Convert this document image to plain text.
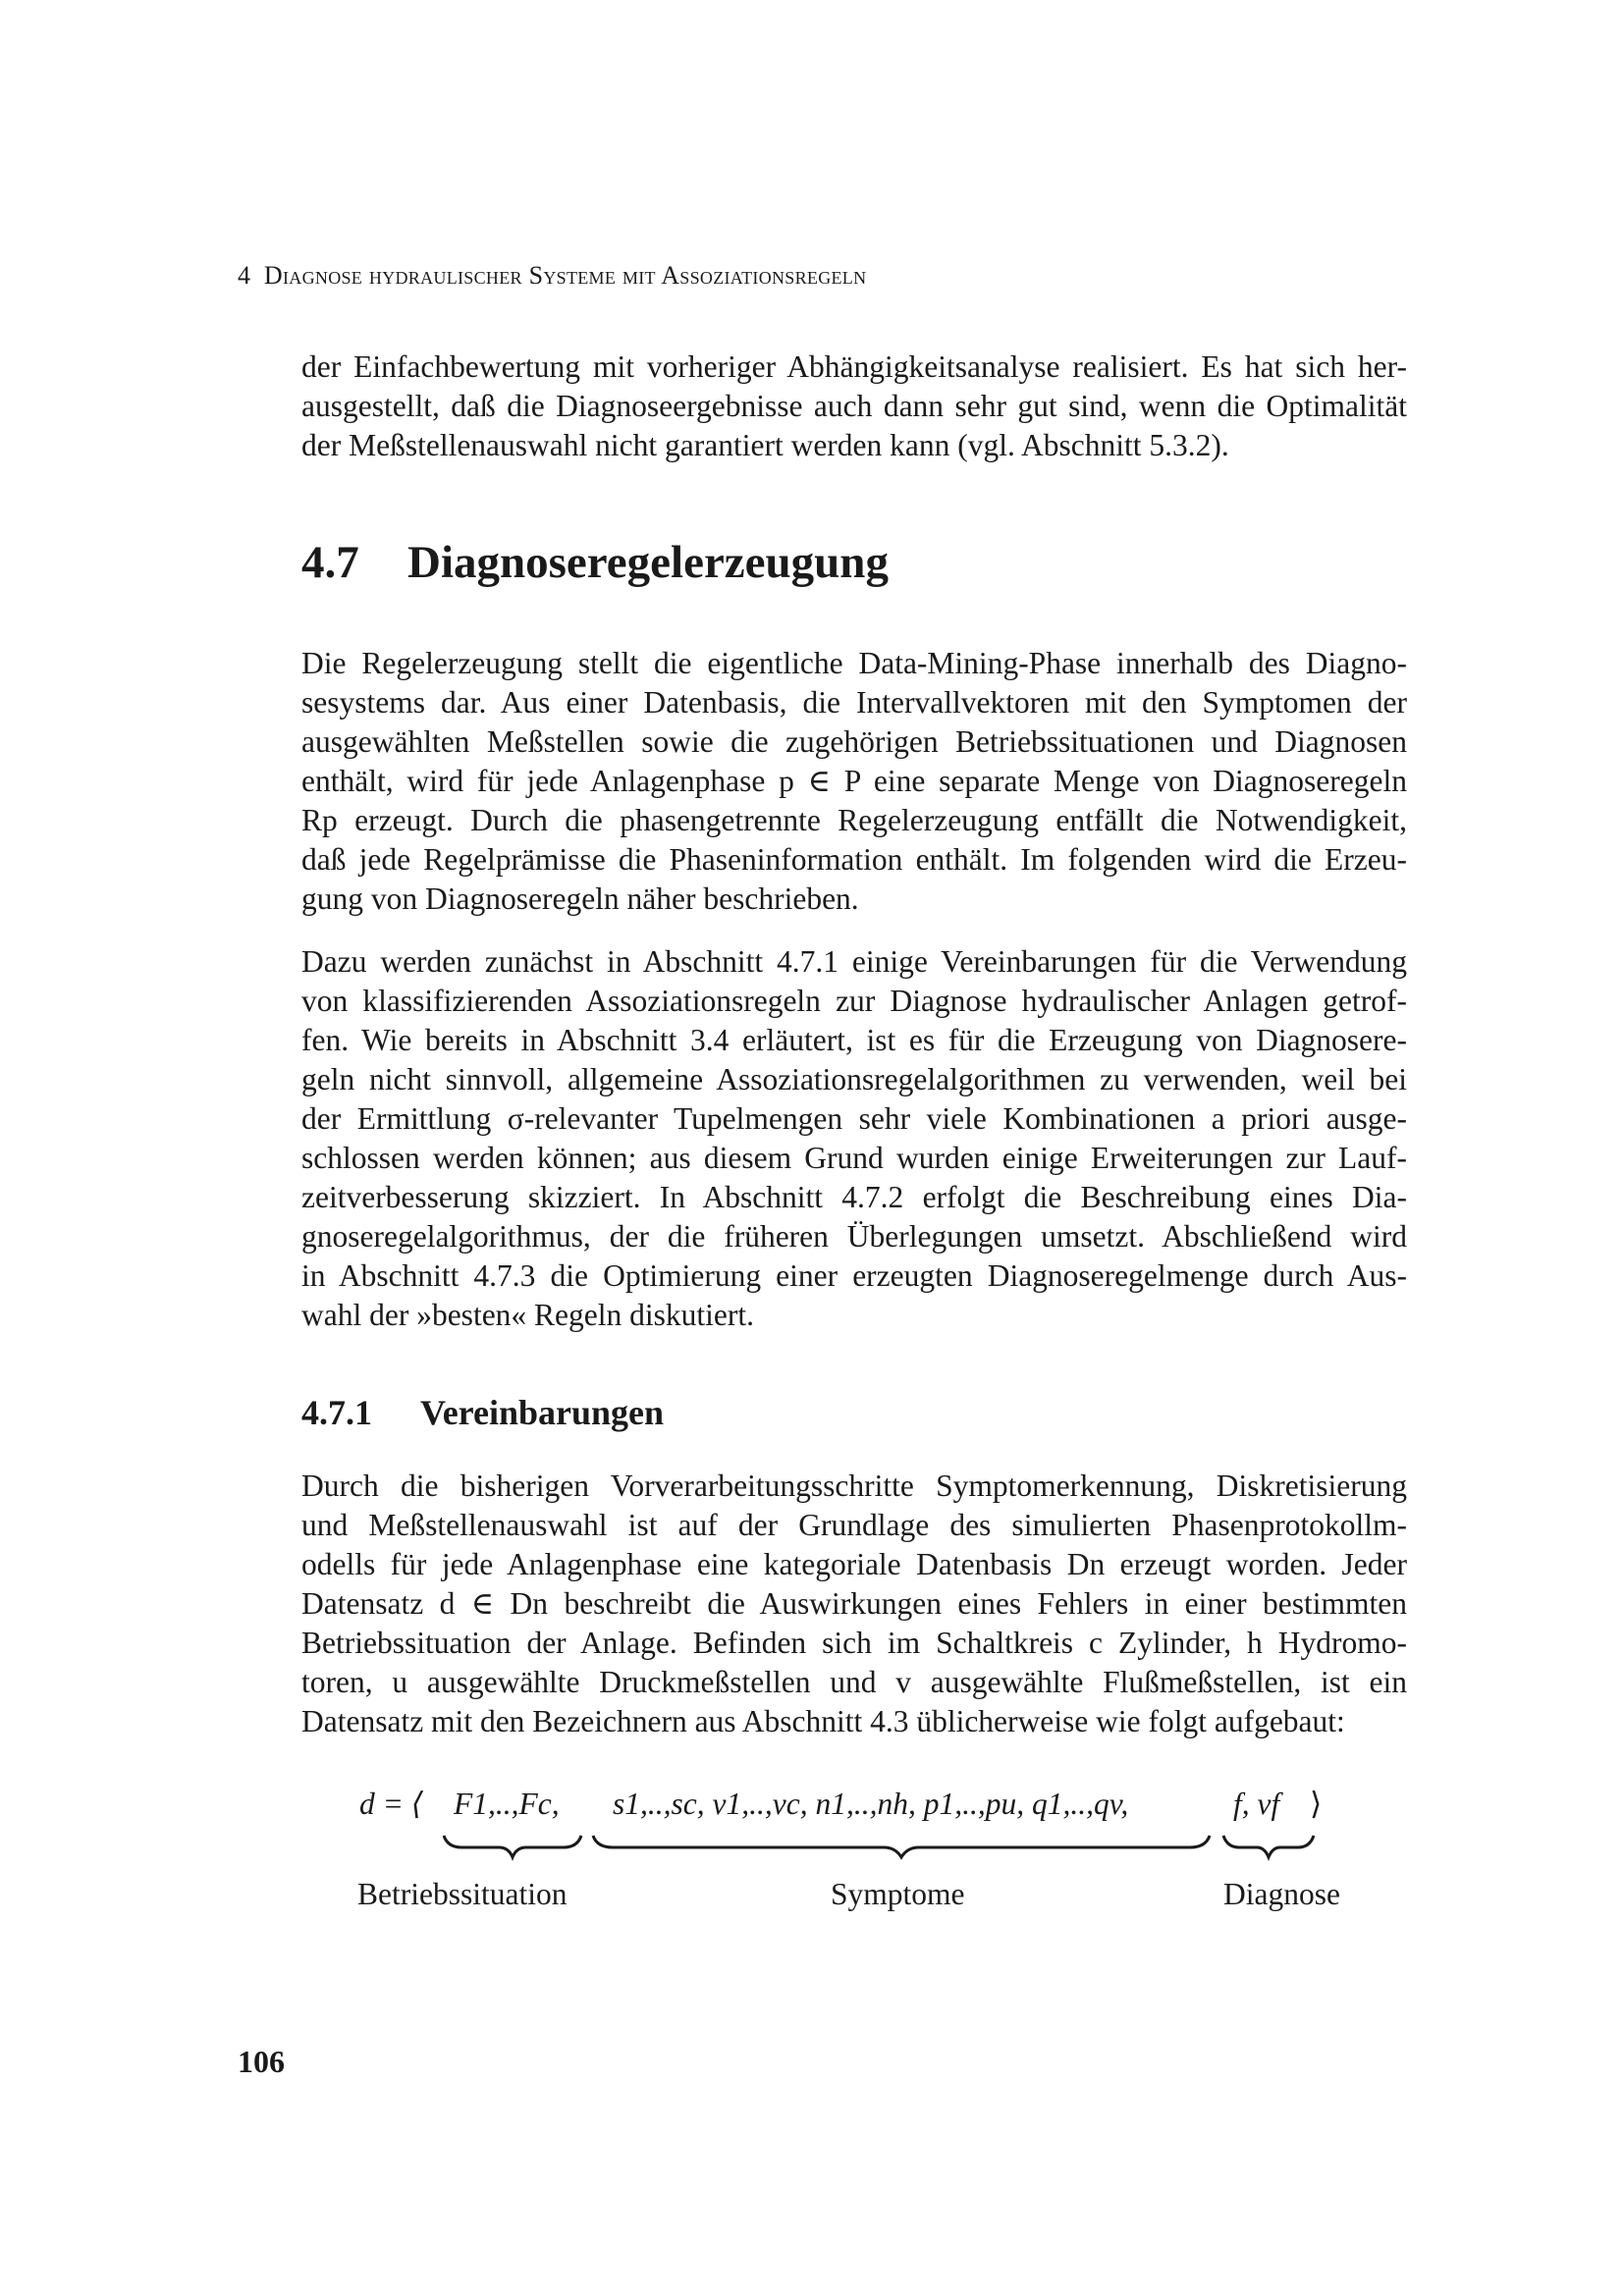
4 Diagnose hydraulischer Systeme mit Assoziationsregeln
der Einfachbewertung mit vorheriger Abhängigkeitsanalyse realisiert. Es hat sich her-
ausgestellt, daß die Diagnoseergebnisse auch dann sehr gut sind, wenn die Optimalität
der Meßstellenauswahl nicht garantiert werden kann (vgl. Abschnitt 5.3.2).
4.7 Diagnoseregelerzeugung
Die Regelerzeugung stellt die eigentliche Data-Mining-Phase innerhalb des Diagno-
sesystems dar. Aus einer Datenbasis, die Intervallvektoren mit den Symptomen der
ausgewählten Meßstellen sowie die zugehörigen Betriebssituationen und Diagnosen
enthält, wird für jede Anlagenphase p ∈ P eine separate Menge von Diagnoseregeln
Rp erzeugt. Durch die phasengetrennte Regelerzeugung entfällt die Notwendigkeit,
daß jede Regelprämisse die Phaseninformation enthält. Im folgenden wird die Erzeu-
gung von Diagnoseregeln näher beschrieben.
Dazu werden zunächst in Abschnitt 4.7.1 einige Vereinbarungen für die Verwendung
von klassifizierenden Assoziationsregeln zur Diagnose hydraulischer Anlagen getrof-
fen. Wie bereits in Abschnitt 3.4 erläutert, ist es für die Erzeugung von Diagnosere-
geln nicht sinnvoll, allgemeine Assoziationsregelalgorithmen zu verwenden, weil bei
der Ermittlung σ-relevanter Tupelmengen sehr viele Kombinationen a priori ausge-
schlossen werden können; aus diesem Grund wurden einige Erweiterungen zur Lauf-
zeitverbesserung skizziert. In Abschnitt 4.7.2 erfolgt die Beschreibung eines Dia-
gnoseregelalgorithmus, der die früheren Überlegungen umsetzt. Abschließend wird
in Abschnitt 4.7.3 die Optimierung einer erzeugten Diagnoseregelmenge durch Aus-
wahl der »besten« Regeln diskutiert.
4.7.1 Vereinbarungen
Durch die bisherigen Vorverarbeitungsschritte Symptomerkennung, Diskretisierung
und Meßstellenauswahl ist auf der Grundlage des simulierten Phasenprotokollm-
odells für jede Anlagenphase eine kategoriale Datenbasis Dn erzeugt worden. Jeder
Datensatz d ∈ Dn beschreibt die Auswirkungen eines Fehlers in einer bestimmten
Betriebssituation der Anlage. Befinden sich im Schaltkreis c Zylinder, h Hydromo-
toren, u ausgewählte Druckmeßstellen und v ausgewählte Flußmeßstellen, ist ein
Datensatz mit den Bezeichnern aus Abschnitt 4.3 üblicherweise wie folgt aufgebaut:
d = ⟨ F1,..,Fc, s1,..,sc, v1,..,vc, n1,..,nh, p1,..,pu, q1,..,qv,	f, vf ⟩
Betriebssituation	Symptome	Diagnose
106
